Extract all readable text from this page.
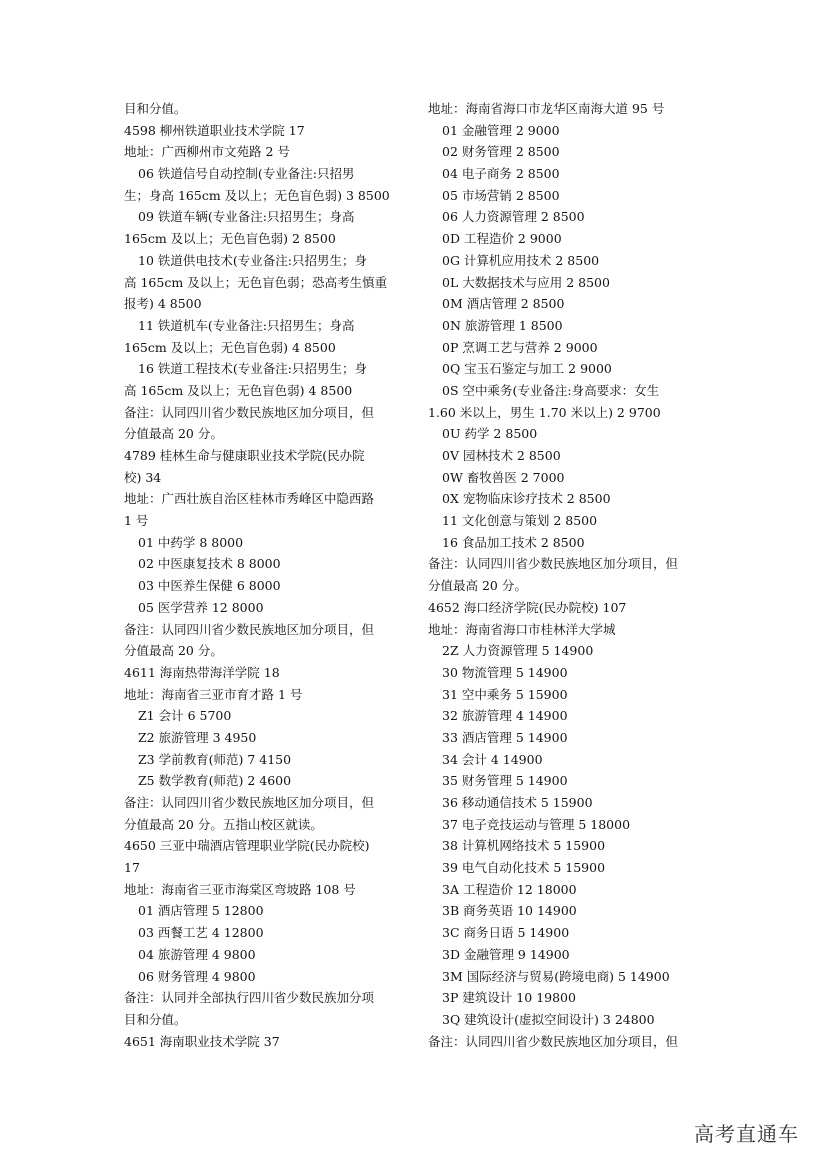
目和分值。
4598 柳州铁道职业技术学院 17
地址：广西柳州市文苑路 2 号
06 铁道信号自动控制(专业备注:只招男
生；身高 165cm 及以上；无色盲色弱) 3 8500
09 铁道车辆(专业备注:只招男生；身高
165cm 及以上；无色盲色弱) 2 8500
10 铁道供电技术(专业备注:只招男生；身
高 165cm 及以上；无色盲色弱；恐高考生慎重
报考) 4 8500
11 铁道机车(专业备注:只招男生；身高
165cm 及以上；无色盲色弱) 4 8500
16 铁道工程技术(专业备注:只招男生；身
高 165cm 及以上；无色盲色弱) 4 8500
备注：认同四川省少数民族地区加分项目，但
分值最高 20 分。
4789 桂林生命与健康职业技术学院(民办院
校) 34
地址：广西壮族自治区桂林市秀峰区中隐西路
1 号
01 中药学 8 8000
02 中医康复技术 8 8000
03 中医养生保健 6 8000
05 医学营养 12 8000
备注：认同四川省少数民族地区加分项目，但
分值最高 20 分。
4611 海南热带海洋学院 18
地址：海南省三亚市育才路 1 号
Z1 会计 6 5700
Z2 旅游管理 3 4950
Z3 学前教育(师范) 7 4150
Z5 数学教育(师范) 2 4600
备注：认同四川省少数民族地区加分项目，但
分值最高 20 分。五指山校区就读。
4650 三亚中瑞酒店管理职业学院(民办院校)
17
地址：海南省三亚市海棠区弯坡路 108 号
01 酒店管理 5 12800
03 西餐工艺 4 12800
04 旅游管理 4 9800
06 财务管理 4 9800
备注：认同并全部执行四川省少数民族加分项
目和分值。
4651 海南职业技术学院 37
地址：海南省海口市龙华区南海大道 95 号
01 金融管理 2 9000
02 财务管理 2 8500
04 电子商务 2 8500
05 市场营销 2 8500
06 人力资源管理 2 8500
0D 工程造价 2 9000
0G 计算机应用技术 2 8500
0L 大数据技术与应用 2 8500
0M 酒店管理 2 8500
0N 旅游管理 1 8500
0P 烹调工艺与营养 2 9000
0Q 宝玉石鉴定与加工 2 9000
0S 空中乘务(专业备注:身高要求：女生
1.60 米以上，男生 1.70 米以上) 2 9700
0U 药学 2 8500
0V 园林技术 2 8500
0W 畜牧兽医 2 7000
0X 宠物临床诊疗技术 2 8500
11 文化创意与策划 2 8500
16 食品加工技术 2 8500
备注：认同四川省少数民族地区加分项目，但
分值最高 20 分。
4652 海口经济学院(民办院校) 107
地址：海南省海口市桂林洋大学城
2Z 人力资源管理 5 14900
30 物流管理 5 14900
31 空中乘务 5 15900
32 旅游管理 4 14900
33 酒店管理 5 14900
34 会计 4 14900
35 财务管理 5 14900
36 移动通信技术 5 15900
37 电子竞技运动与管理 5 18000
38 计算机网络技术 5 15900
39 电气自动化技术 5 15900
3A 工程造价 12 18000
3B 商务英语 10 14900
3C 商务日语 5 14900
3D 金融管理 9 14900
3M 国际经济与贸易(跨境电商) 5 14900
3P 建筑设计 10 19800
3Q 建筑设计(虚拟空间设计) 3 24800
备注：认同四川省少数民族地区加分项目，但
高考直通车
